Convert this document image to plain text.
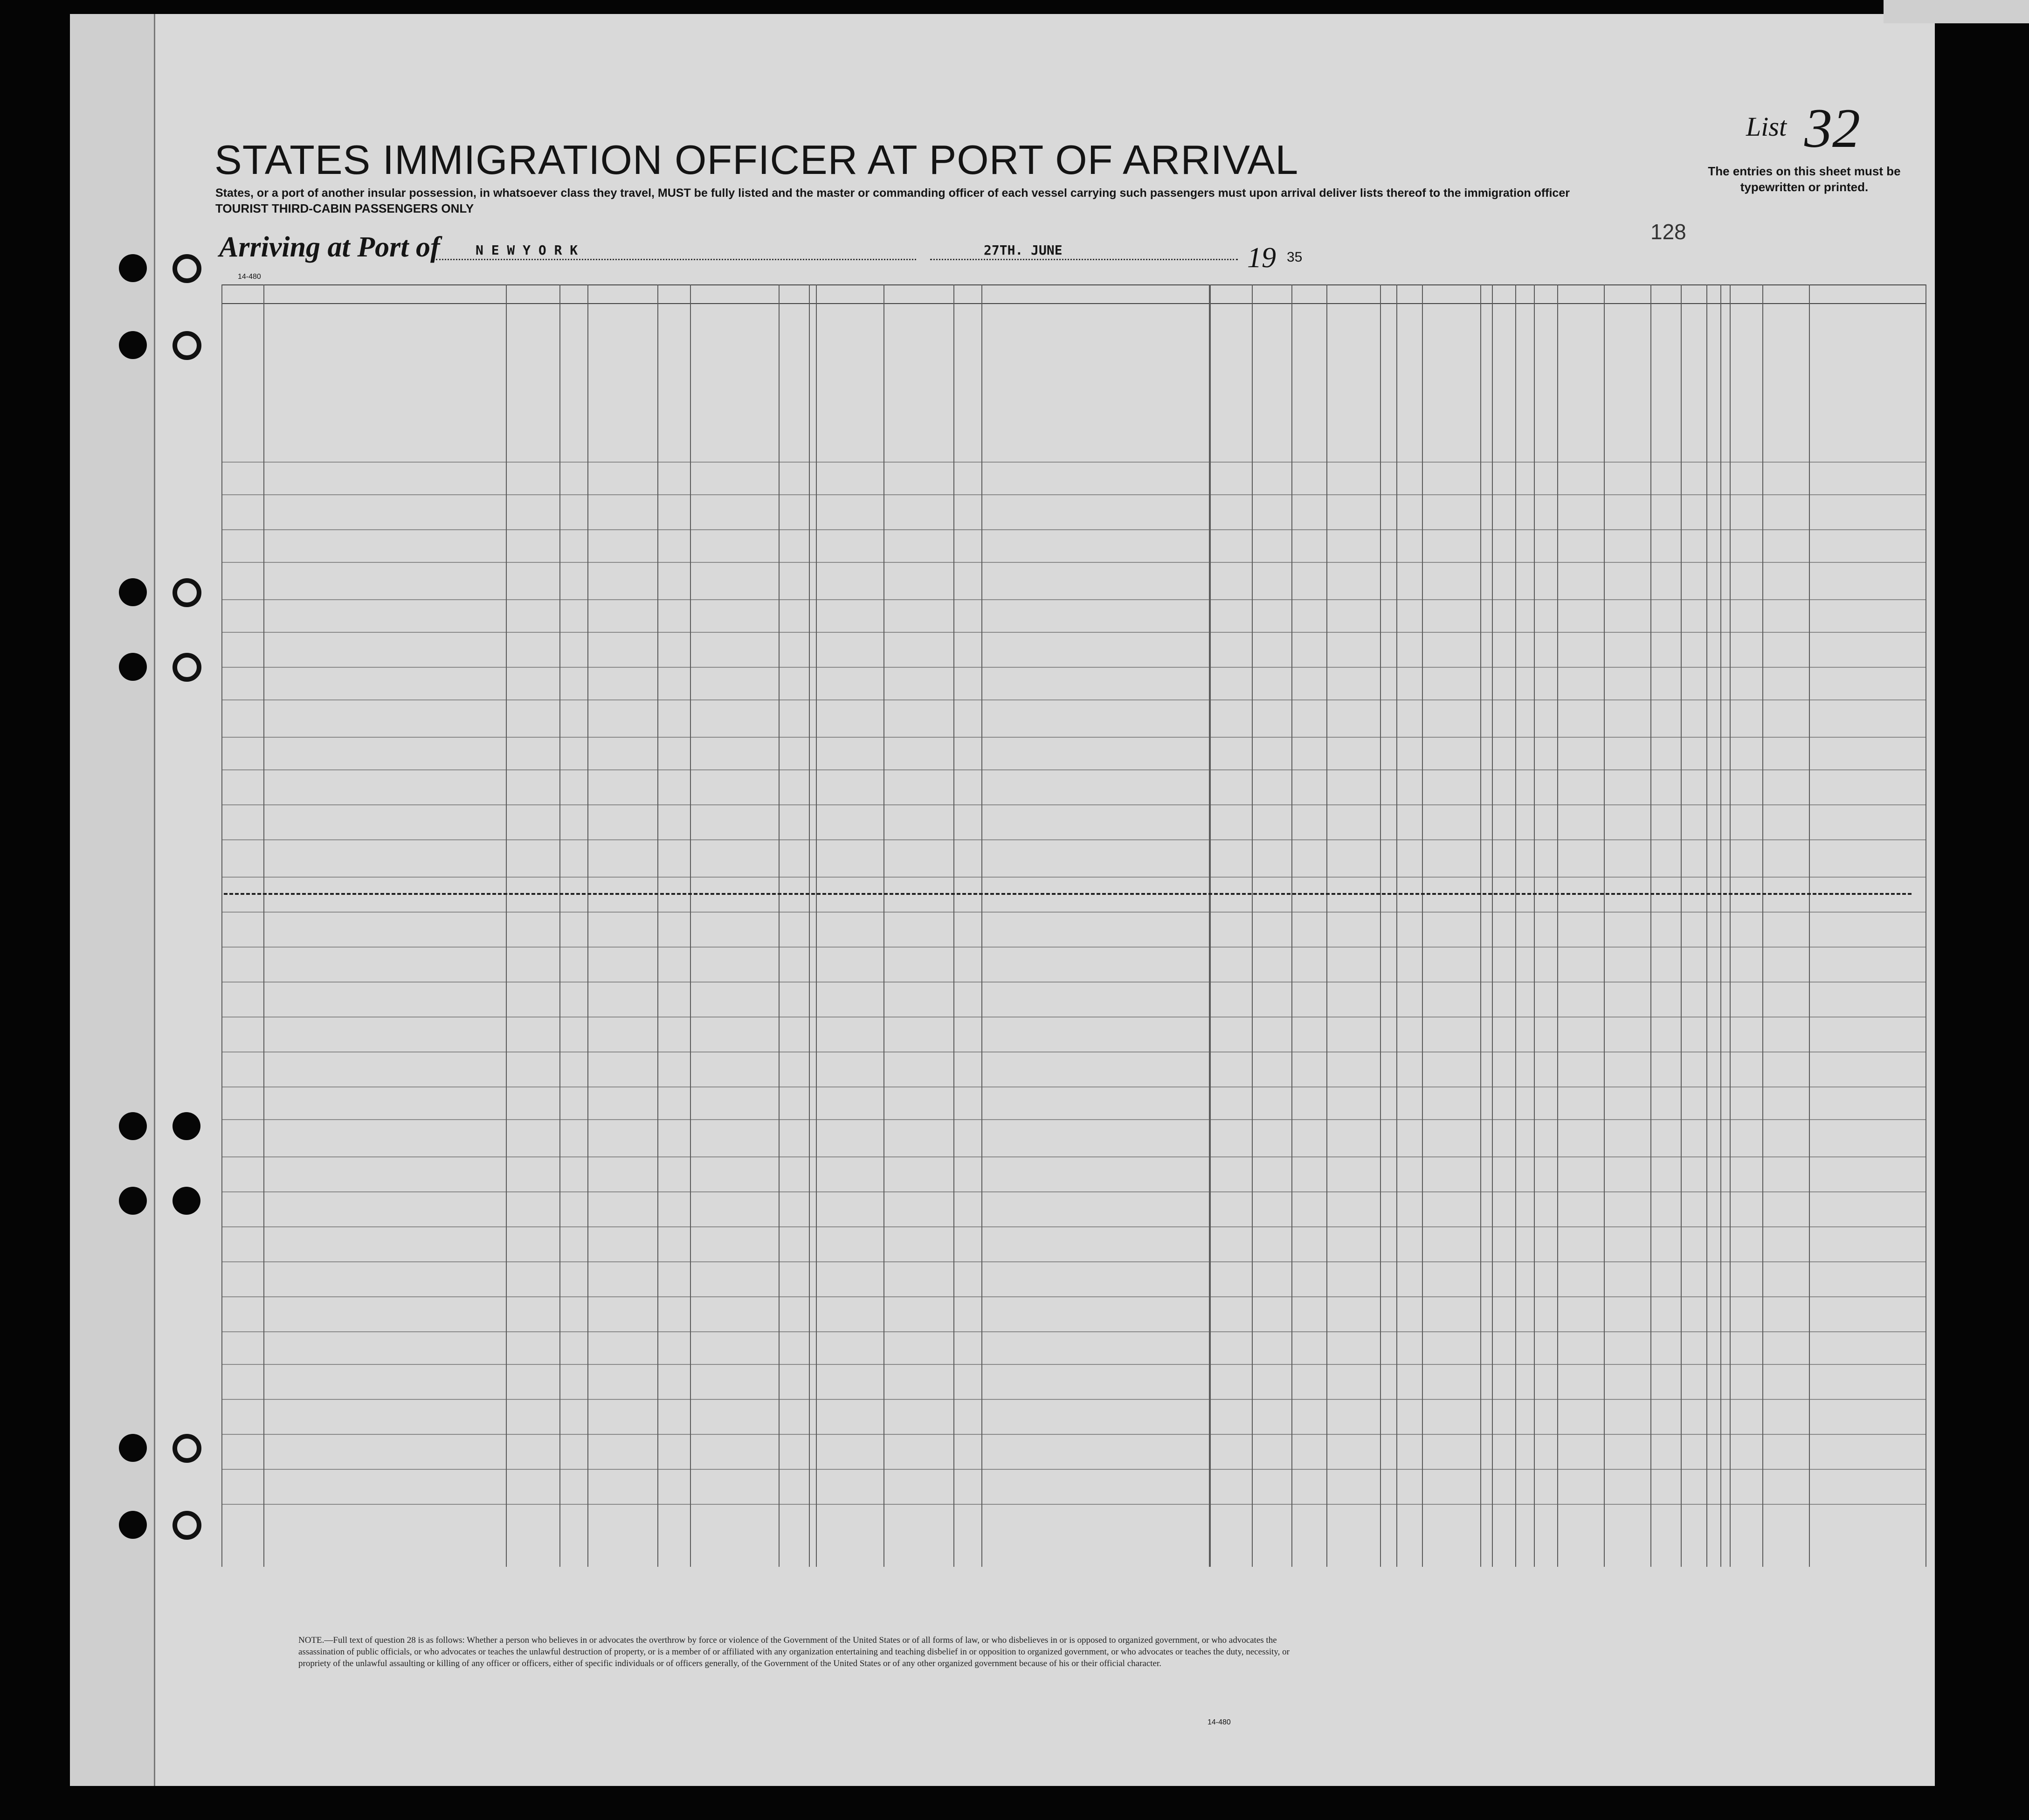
STATES IMMIGRATION OFFICER AT PORT OF ARRIVAL
States, or a port of another insular possession, in whatsoever class they travel, MUST be fully listed and the master or commanding officer of each vessel carrying such passengers must upon arrival deliver lists thereof to the immigration officer
TOURIST THIRD-CABIN PASSENGERS ONLY
List 32
The entries on this sheet must be typewritten or printed.
Arriving at Port of	N E W Y O R K	27TH. JUNE	19 35
128
14-480
NOTE.—Full text of question 28 is as follows: Whether a person who believes in or advocates the overthrow by force or violence of the Government of the United States or of all forms of law, or who disbelieves in or is opposed to organized government, or who advocates the assassination of public officials, or who advocates or teaches the unlawful destruction of property, or is a member of or affiliated with any organization entertaining and teaching disbelief in or opposition to organized government, or who advocates or teaches the duty, necessity, or propriety of the unlawful assaulting or killing of any officer or officers, either of specific individuals or of officers generally, of the Government of the United States or of any other organized government because of his or their official character.
14-480
